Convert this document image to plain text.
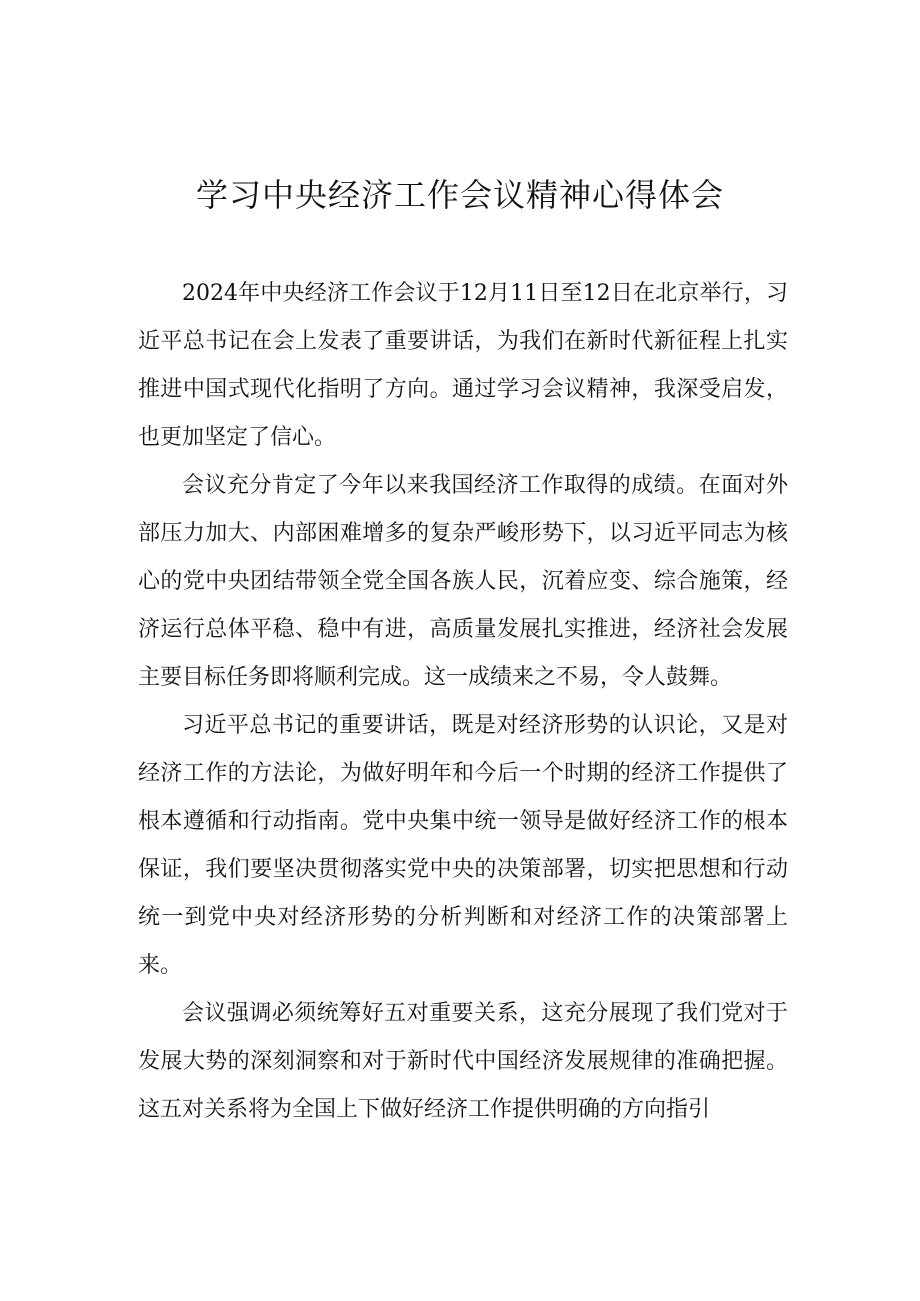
学习中央经济工作会议精神心得体会

2024年中央经济工作会议于12月11日至12日在北京举行，习近平总书记在会上发表了重要讲话，为我们在新时代新征程上扎实推进中国式现代化指明了方向。通过学习会议精神，我深受启发，也更加坚定了信心。

会议充分肯定了今年以来我国经济工作取得的成绩。在面对外部压力加大、内部困难增多的复杂严峻形势下，以习近平同志为核心的党中央团结带领全党全国各族人民，沉着应变、综合施策，经济运行总体平稳、稳中有进，高质量发展扎实推进，经济社会发展主要目标任务即将顺利完成。这一成绩来之不易，令人鼓舞。

习近平总书记的重要讲话，既是对经济形势的认识论，又是对经济工作的方法论，为做好明年和今后一个时期的经济工作提供了根本遵循和行动指南。党中央集中统一领导是做好经济工作的根本保证，我们要坚决贯彻落实党中央的决策部署，切实把思想和行动统一到党中央对经济形势的分析判断和对经济工作的决策部署上来。

会议强调必须统筹好五对重要关系，这充分展现了我们党对于发展大势的深刻洞察和对于新时代中国经济发展规律的准确把握。这五对关系将为全国上下做好经济工作提供明确的方向指引
